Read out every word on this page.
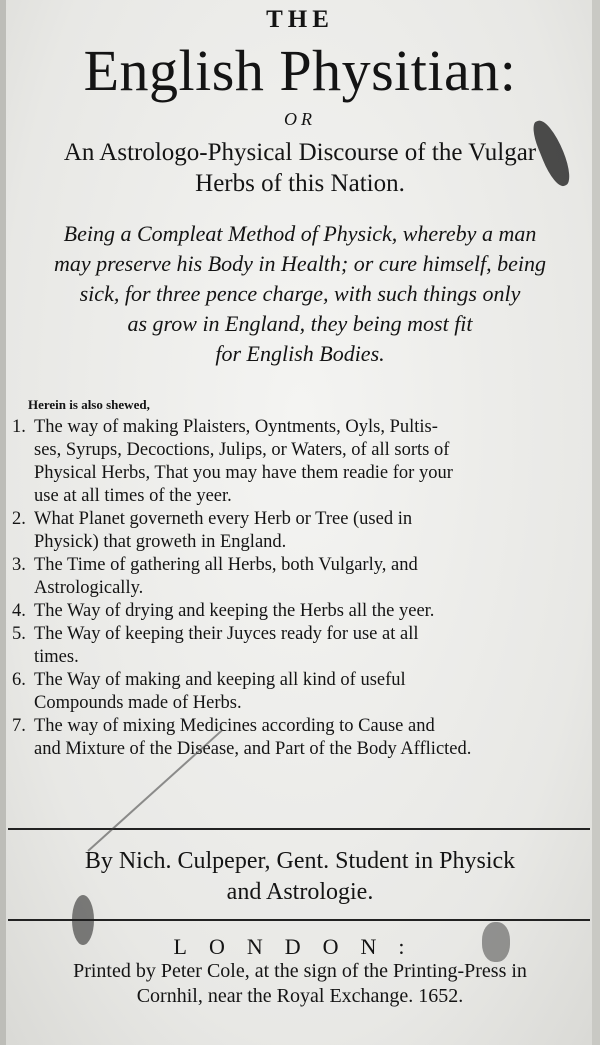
THE
English Physitian:
OR
An Astrologo-Physical Discourse of the Vulgar
Herbs of this Nation.
Being a Compleat Method of Physick, whereby a man
may preserve his Body in Health; or cure himself, being
sick, for three pence charge, with such things only
as grow in England, they being most fit
for English Bodies.
Herein is also shewed,
1. The way of making Plaisters, Oyntments, Oyls, Pultis-
ses, Syrups, Decoctions, Julips, or Waters, of all sorts of
Physical Herbs, That you may have them readie for your
use at all times of the yeer.
2. What Planet governeth every Herb or Tree (used in
Physick) that groweth in England.
3. The Time of gathering all Herbs, both Vulgarly, and
Astrologically.
4. The Way of drying and keeping the Herbs all the yeer.
5. The Way of keeping their Juyces ready for use at all
times.
6. The Way of making and keeping all kind of useful
Compounds made of Herbs.
7. The way of mixing Medicines according to Cause and
and Mixture of the Disease, and Part of the Body Afflicted.
By Nich. Culpeper, Gent. Student in Physick
and Astrologie.
LONDON:
Printed by Peter Cole, at the sign of the Printing-Press in
Cornhil, near the Royal Exchange. 1652.
